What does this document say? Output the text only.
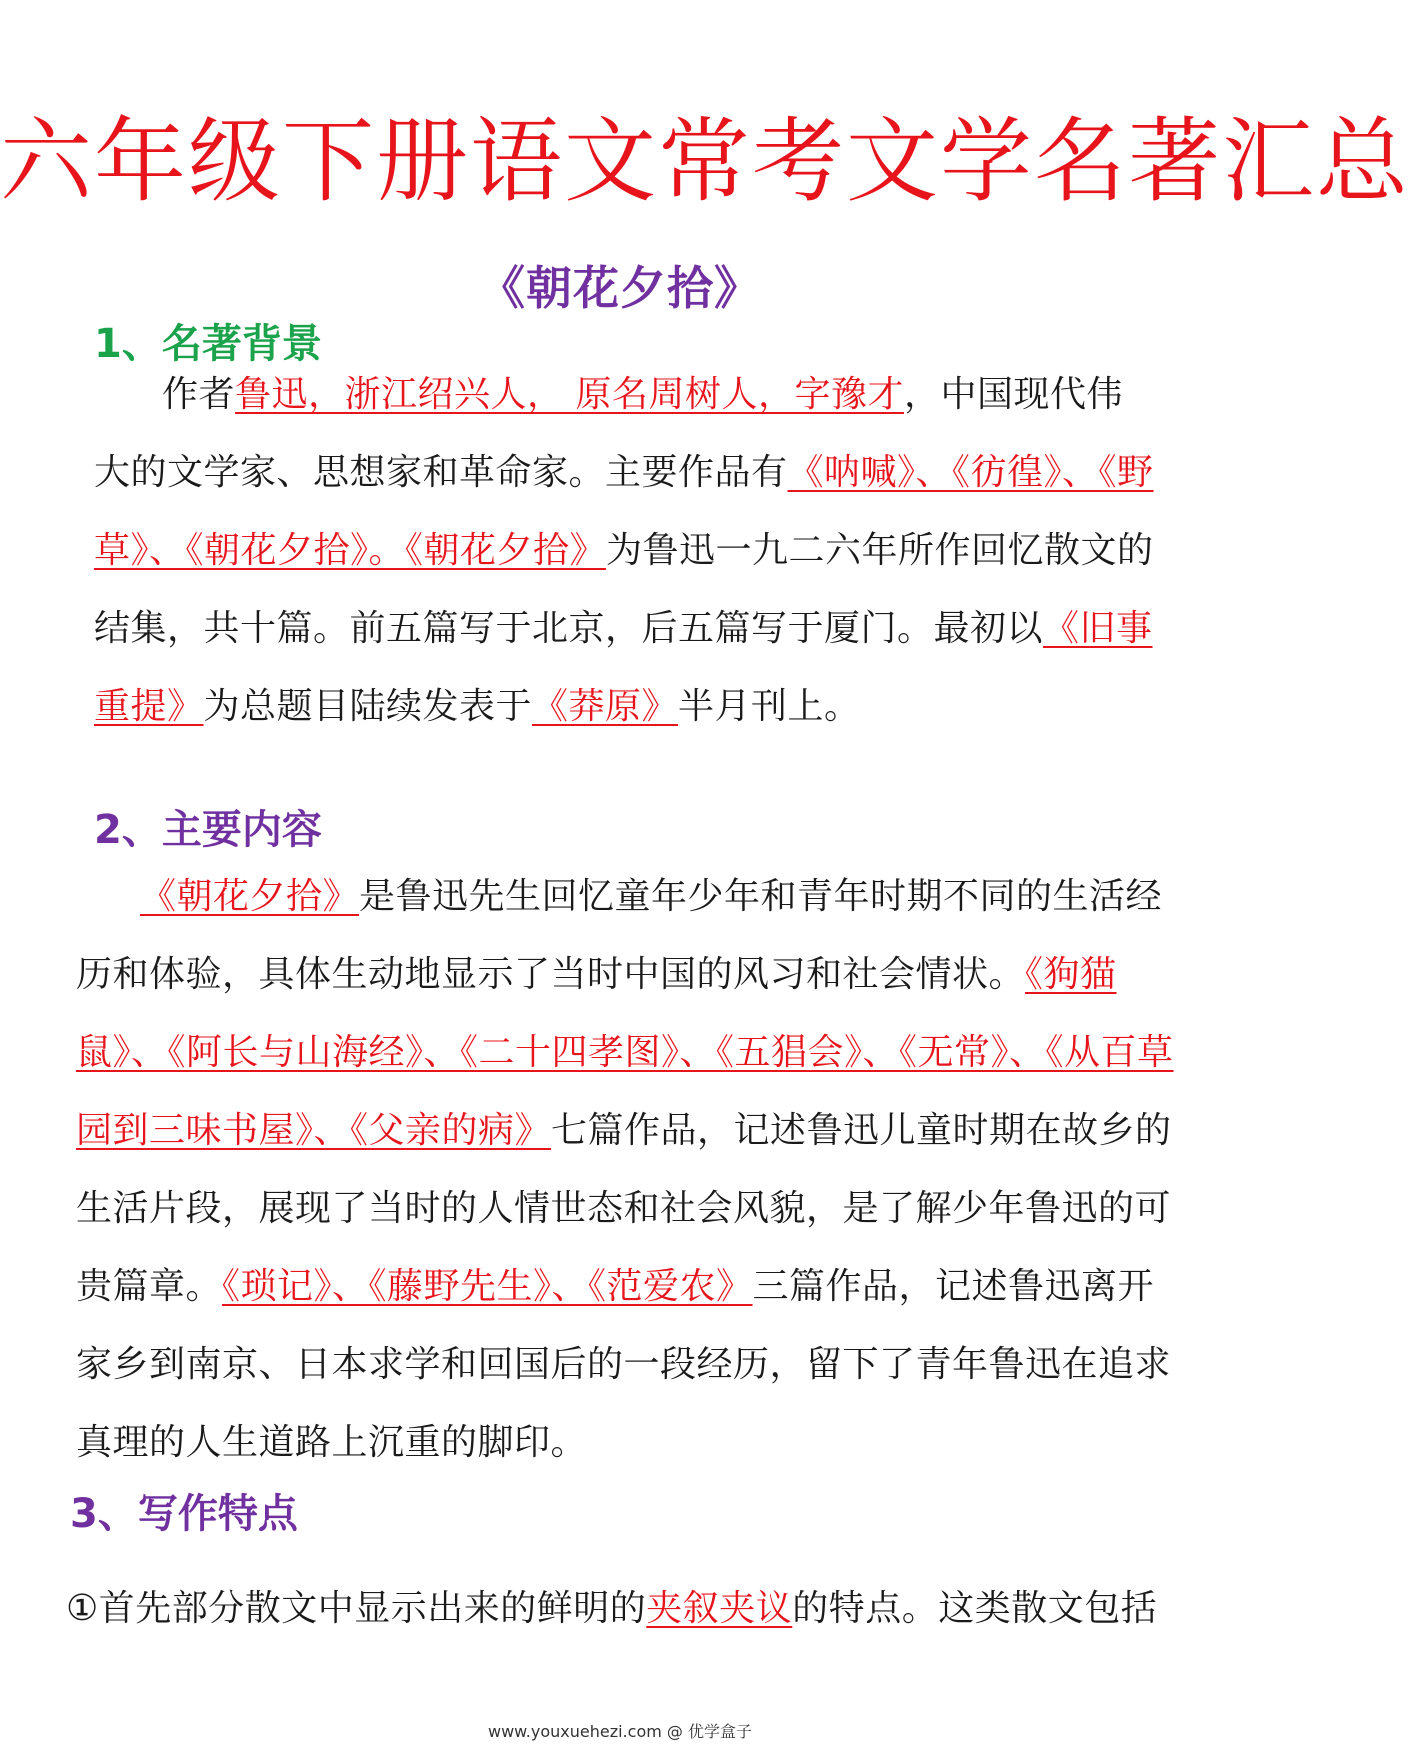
六年级下册语文常考文学名著汇总
《朝花夕拾》
1、名著背景

作者鲁迅，浙江绍兴人， 原名周树人，字豫才，中国现代伟大的文学家、思想家和革命家。主要作品有《呐喊》、《彷徨》、《野草》、《朝花夕拾》。《朝花夕拾》为鲁迅一九二六年所作回忆散文的结集，共十篇。前五篇写于北京，后五篇写于厦门。最初以《旧事重提》为总题目陆续发表于《莽原》半月刊上。

2、主要内容

《朝花夕拾》是鲁迅先生回忆童年少年和青年时期不同的生活经历和体验，具体生动地显示了当时中国的风习和社会情状。《狗猫鼠》、《阿长与山海经》、《二十四孝图》、《五猖会》、《无常》、《从百草园到三味书屋》、《父亲的病》七篇作品，记述鲁迅儿童时期在故乡的生活片段，展现了当时的人情世态和社会风貌，是了解少年鲁迅的可贵篇章。《琐记》、《藤野先生》、《范爱农》三篇作品，记述鲁迅离开家乡到南京、日本求学和回国后的一段经历，留下了青年鲁迅在追求真理的人生道路上沉重的脚印。

3、写作特点

①首先部分散文中显示出来的鲜明的夹叙夹议的特点。这类散文包括

www.youxuehezi.com @ 优学盒子
